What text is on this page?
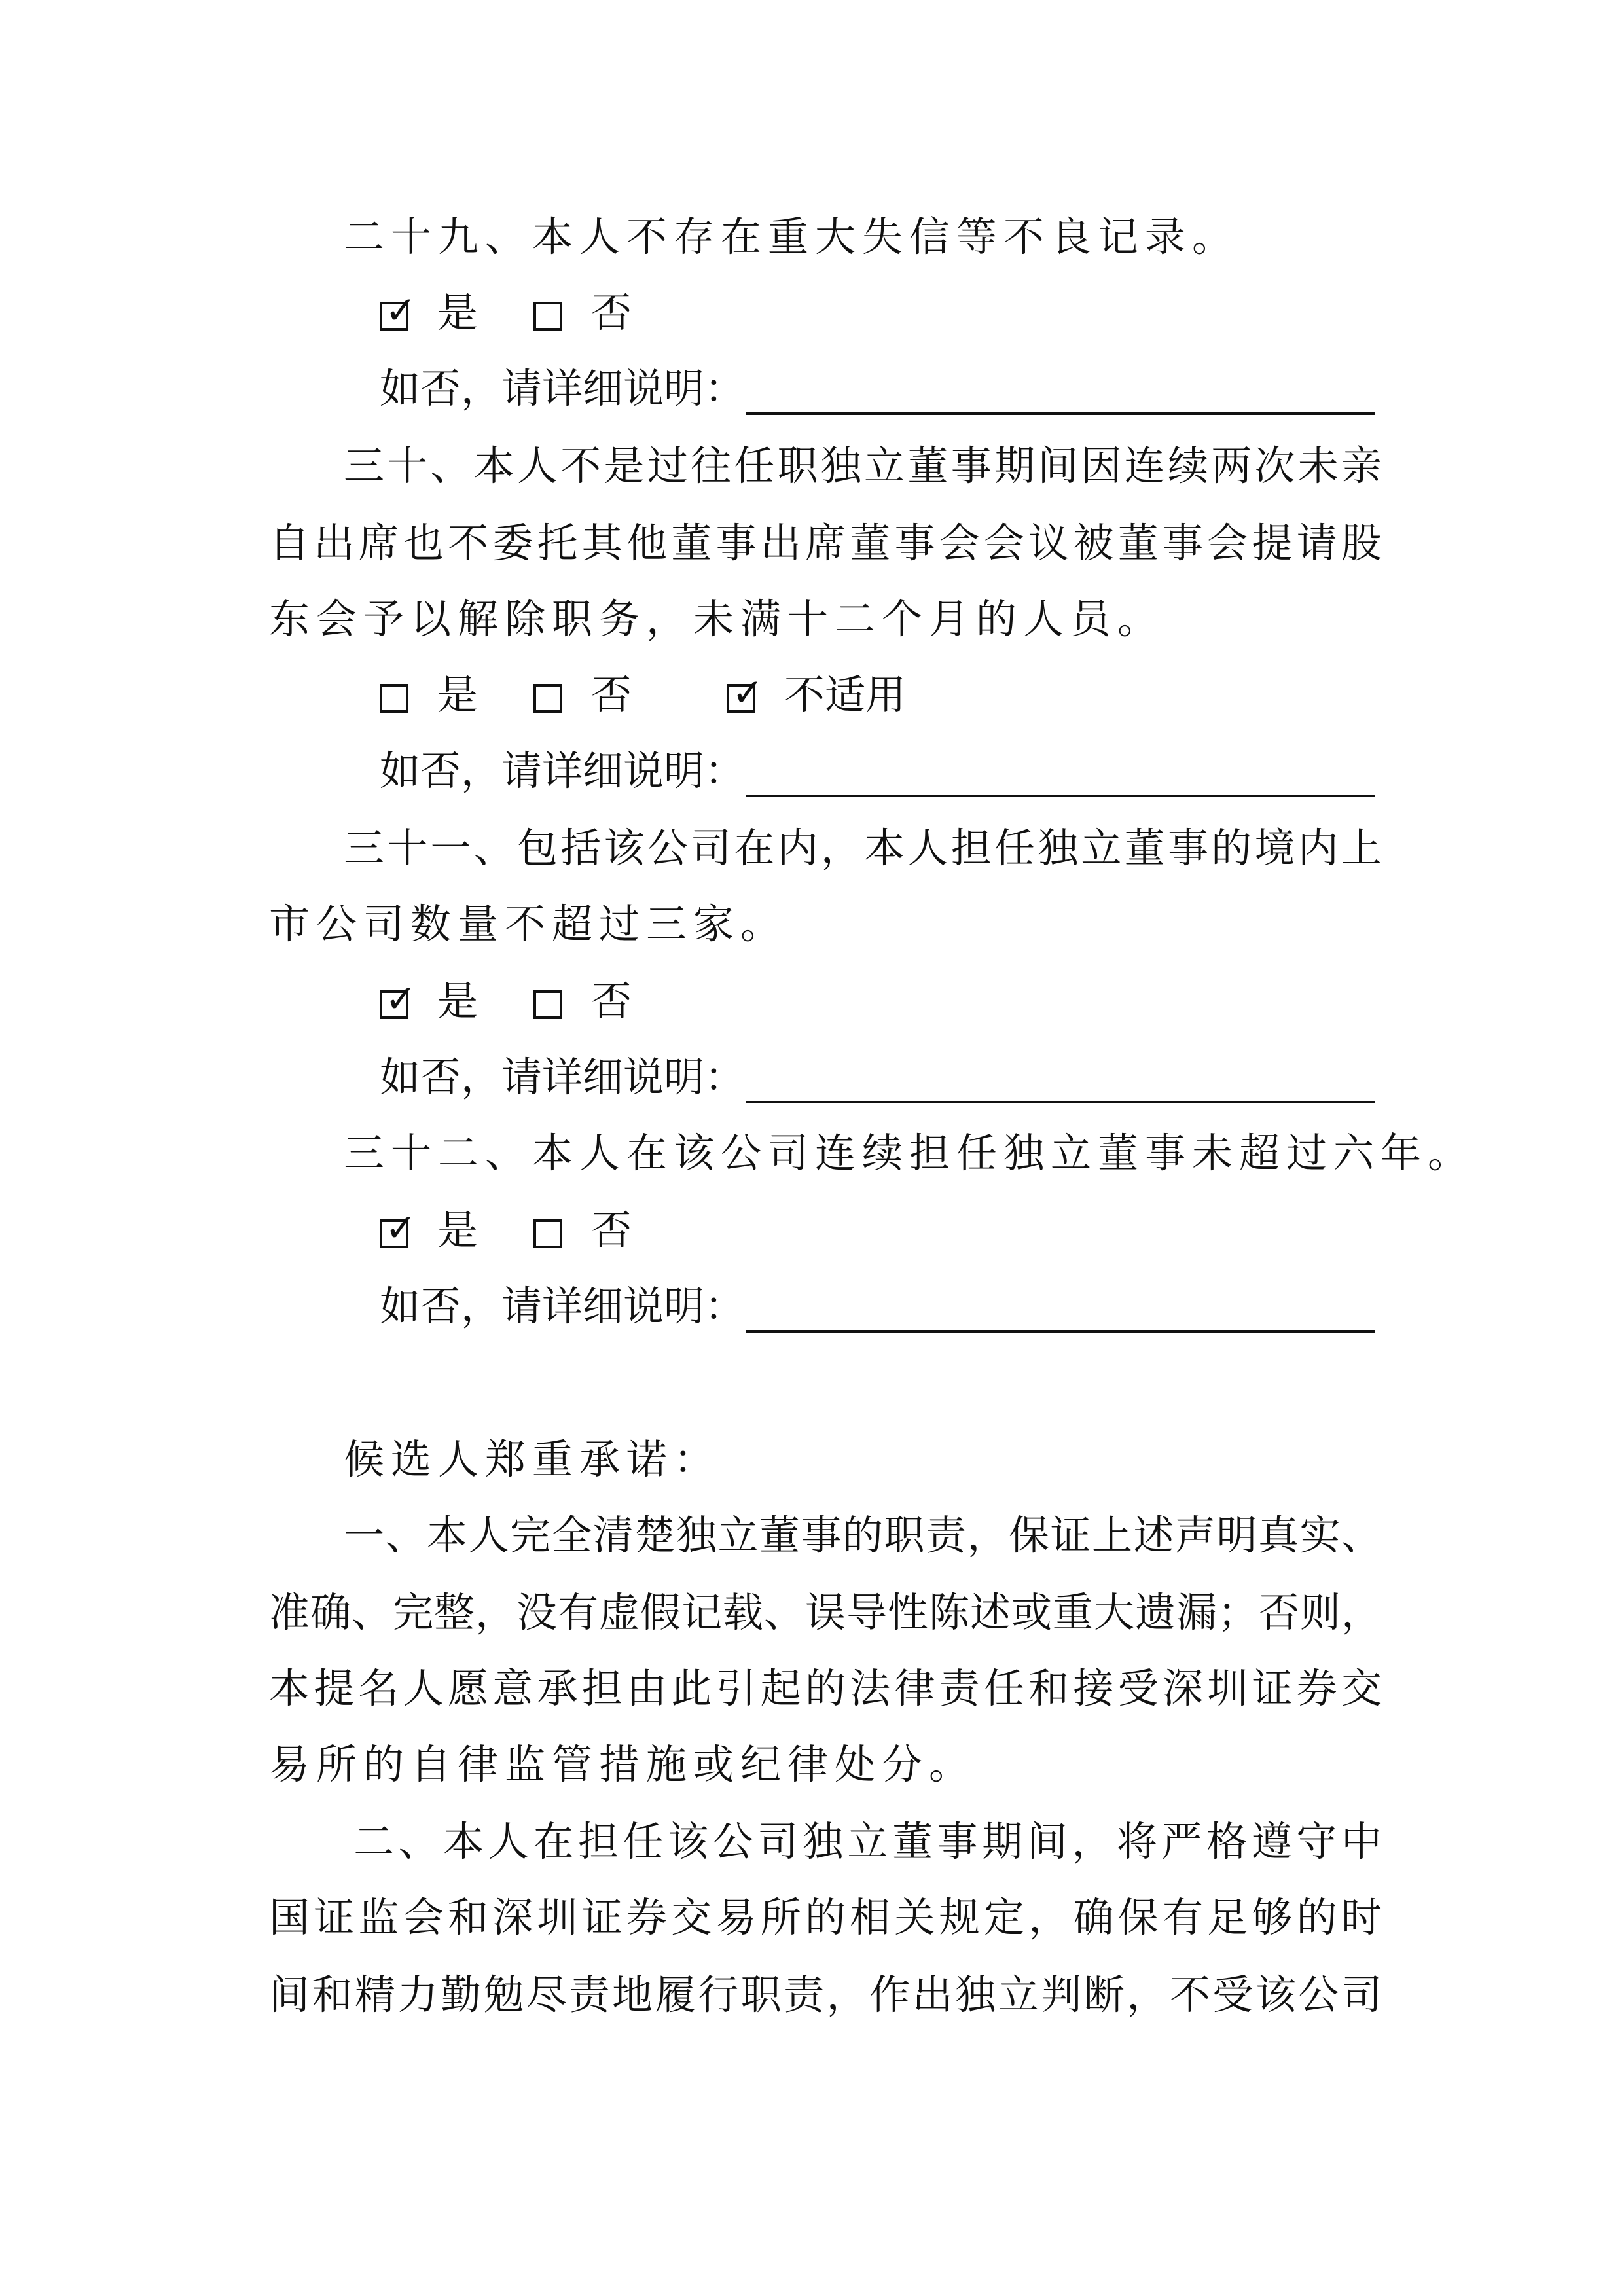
二十九、本人不存在重大失信等不良记录。
✓ 是	否
如否，请详细说明：
三十、本人不是过往任职独立董事期间因连续两次未亲
自出席也不委托其他董事出席董事会会议被董事会提请股
东会予以解除职务，未满十二个月的人员。
是	否	✓ 不适用
如否，请详细说明：
三十一、包括该公司在内，本人担任独立董事的境内上
市公司数量不超过三家。
✓ 是	否
如否，请详细说明：
三十二、本人在该公司连续担任独立董事未超过六年。
✓ 是	否
如否，请详细说明：
候选人郑重承诺：
一、本人完全清楚独立董事的职责，保证上述声明真实、
准确、完整，没有虚假记载、误导性陈述或重大遗漏；否则，
本提名人愿意承担由此引起的法律责任和接受深圳证券交
易所的自律监管措施或纪律处分。
二、本人在担任该公司独立董事期间，将严格遵守中
国证监会和深圳证券交易所的相关规定，确保有足够的时
间和精力勤勉尽责地履行职责，作出独立判断，不受该公司
